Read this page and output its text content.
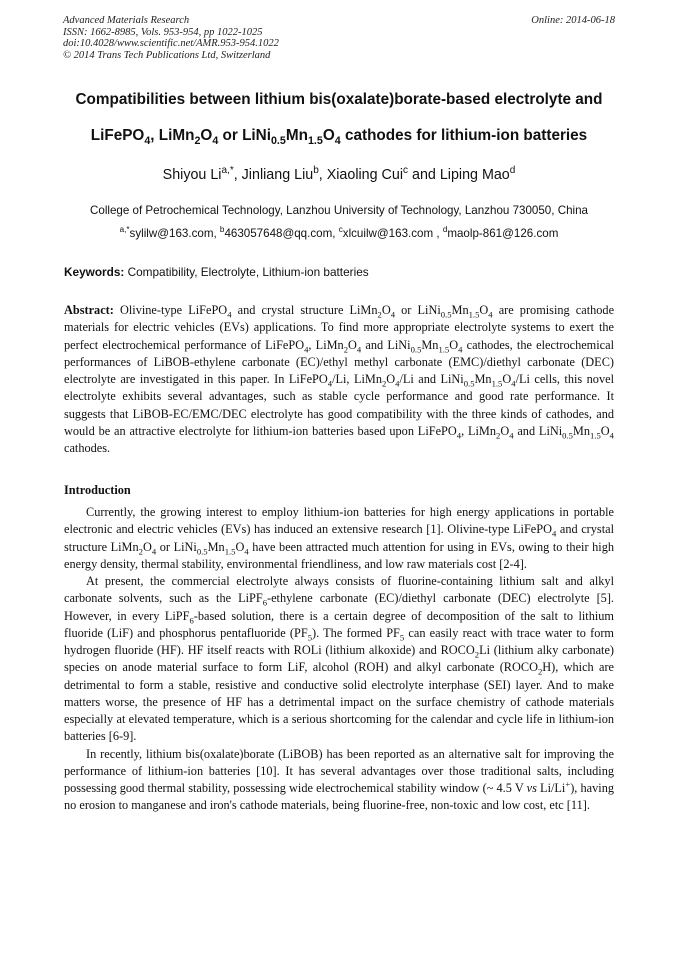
Advanced Materials Research
ISSN: 1662-8985, Vols. 953-954, pp 1022-1025
doi:10.4028/www.scientific.net/AMR.953-954.1022
© 2014 Trans Tech Publications Ltd, Switzerland
Online: 2014-06-18
Compatibilities between lithium bis(oxalate)borate-based electrolyte and
LiFePO$_4$, $LiMn_2O_4$ or $LiNi_{0.5}Mn_{1.5}O_4$ cathodes for lithium-ion batteries
Shiyou $Li^{a,*}$, Jinliang Liu$^b$, Xiaoling Cui$^c$ and Liping Mao$^d$
College of Petrochemical Technology, Lanzhou University of Technology, Lanzhou 730050, China
$^{a,*}$sylilw@163.com, $^b$463057648@qq.com, $^c$xlcuilw@163.com , $^d$maolp-861@126.com
Keywords: Compatibility, Electrolyte, Lithium-ion batteries

Abstract: Olivine-type LiFePO$_4$ and crystal structure $LiMn_2O_4$ or $LiNi_{0.5}Mn_{1.5}O_4$ are promising cathode materials for electric vehicles (EVs) applications. To find more appropriate electrolyte systems to exert the perfect electrochemical performance of LiFePO$_4$, $LiMn_2O_4$ and $LiNi_{0.5}Mn_{1.5}O_4$ cathodes, the electrochemical performances of LiBOB-ethylene carbonate (EC)/ethyl methyl carbonate (EMC)/diethyl carbonate (DEC) electrolyte are investigated in this paper. In LiFePO$_4$/Li, $LiMn_2O_4/Li$ and $LiNi_{0.5}Mn_{1.5}O_4/Li$ cells, this novel electrolyte exhibits several advantages, such as stable cycle performance and good rate performance. It suggests that LiBOB-EC/EMC/DEC electrolyte has good compatibility with the three kinds of cathodes, and would be an attractive electrolyte for lithium-ion batteries based upon LiFePO$_4$, $LiMn_2O_4$ and $LiNi_{0.5}Mn_{1.5}O_4$ cathodes.

Introduction

Currently, the growing interest to employ lithium-ion batteries for high energy applications in portable electronic and electric vehicles (EVs) has induced an extensive research [1]. Olivine-type LiFePO$_4$ and crystal structure $LiMn_2O_4$ or $LiNi_{0.5}Mn_{1.5}O_4$ have been attracted much attention for using in EVs, owing to their high energy density, thermal stability, environmental friendliness, and low raw materials cost [2-4].

At present, the commercial electrolyte always consists of fluorine-containing lithium salt and alkyl carbonate solvents, such as the LiPF$_6$-ethylene carbonate (EC)/diethyl carbonate (DEC) electrolyte [5]. However, in every LiPF$_6$-based solution, there is a certain degree of decomposition of the salt to lithium fluoride (LiF) and phosphorus pentafluoride $(PF_5)$. The formed $PF_5$ can easily react with trace water to form hydrogen fluoride (HF). HF itself reacts with ROLi (lithium alkoxide) and $ROCO_2Li$ (lithium alky carbonate) species on anode material surface to form LiF, alcohol (ROH) and alkyl carbonate $(ROCO_2H)$, which are detrimental to form a stable, resistive and conductive solid electrolyte interphase (SEI) layer. And to make matters worse, the presence of HF has a detrimental impact on the surface chemistry of cathode materials especially at elevated temperature, which is a serious shortcoming for the calendar and cycle life in lithium-ion batteries [6-9].

In recently, lithium bis(oxalate)borate (LiBOB) has been reported as an alternative salt for improving the performance of lithium-ion batteries [10]. It has several advantages over those traditional salts, including possessing good thermal stability, possessing wide electrochemical stability window (~ 4.5 V vs Li/Li+), having no erosion to manganese and iron's cathode materials, being fluorine-free, non-toxic and low cost, etc [11].
